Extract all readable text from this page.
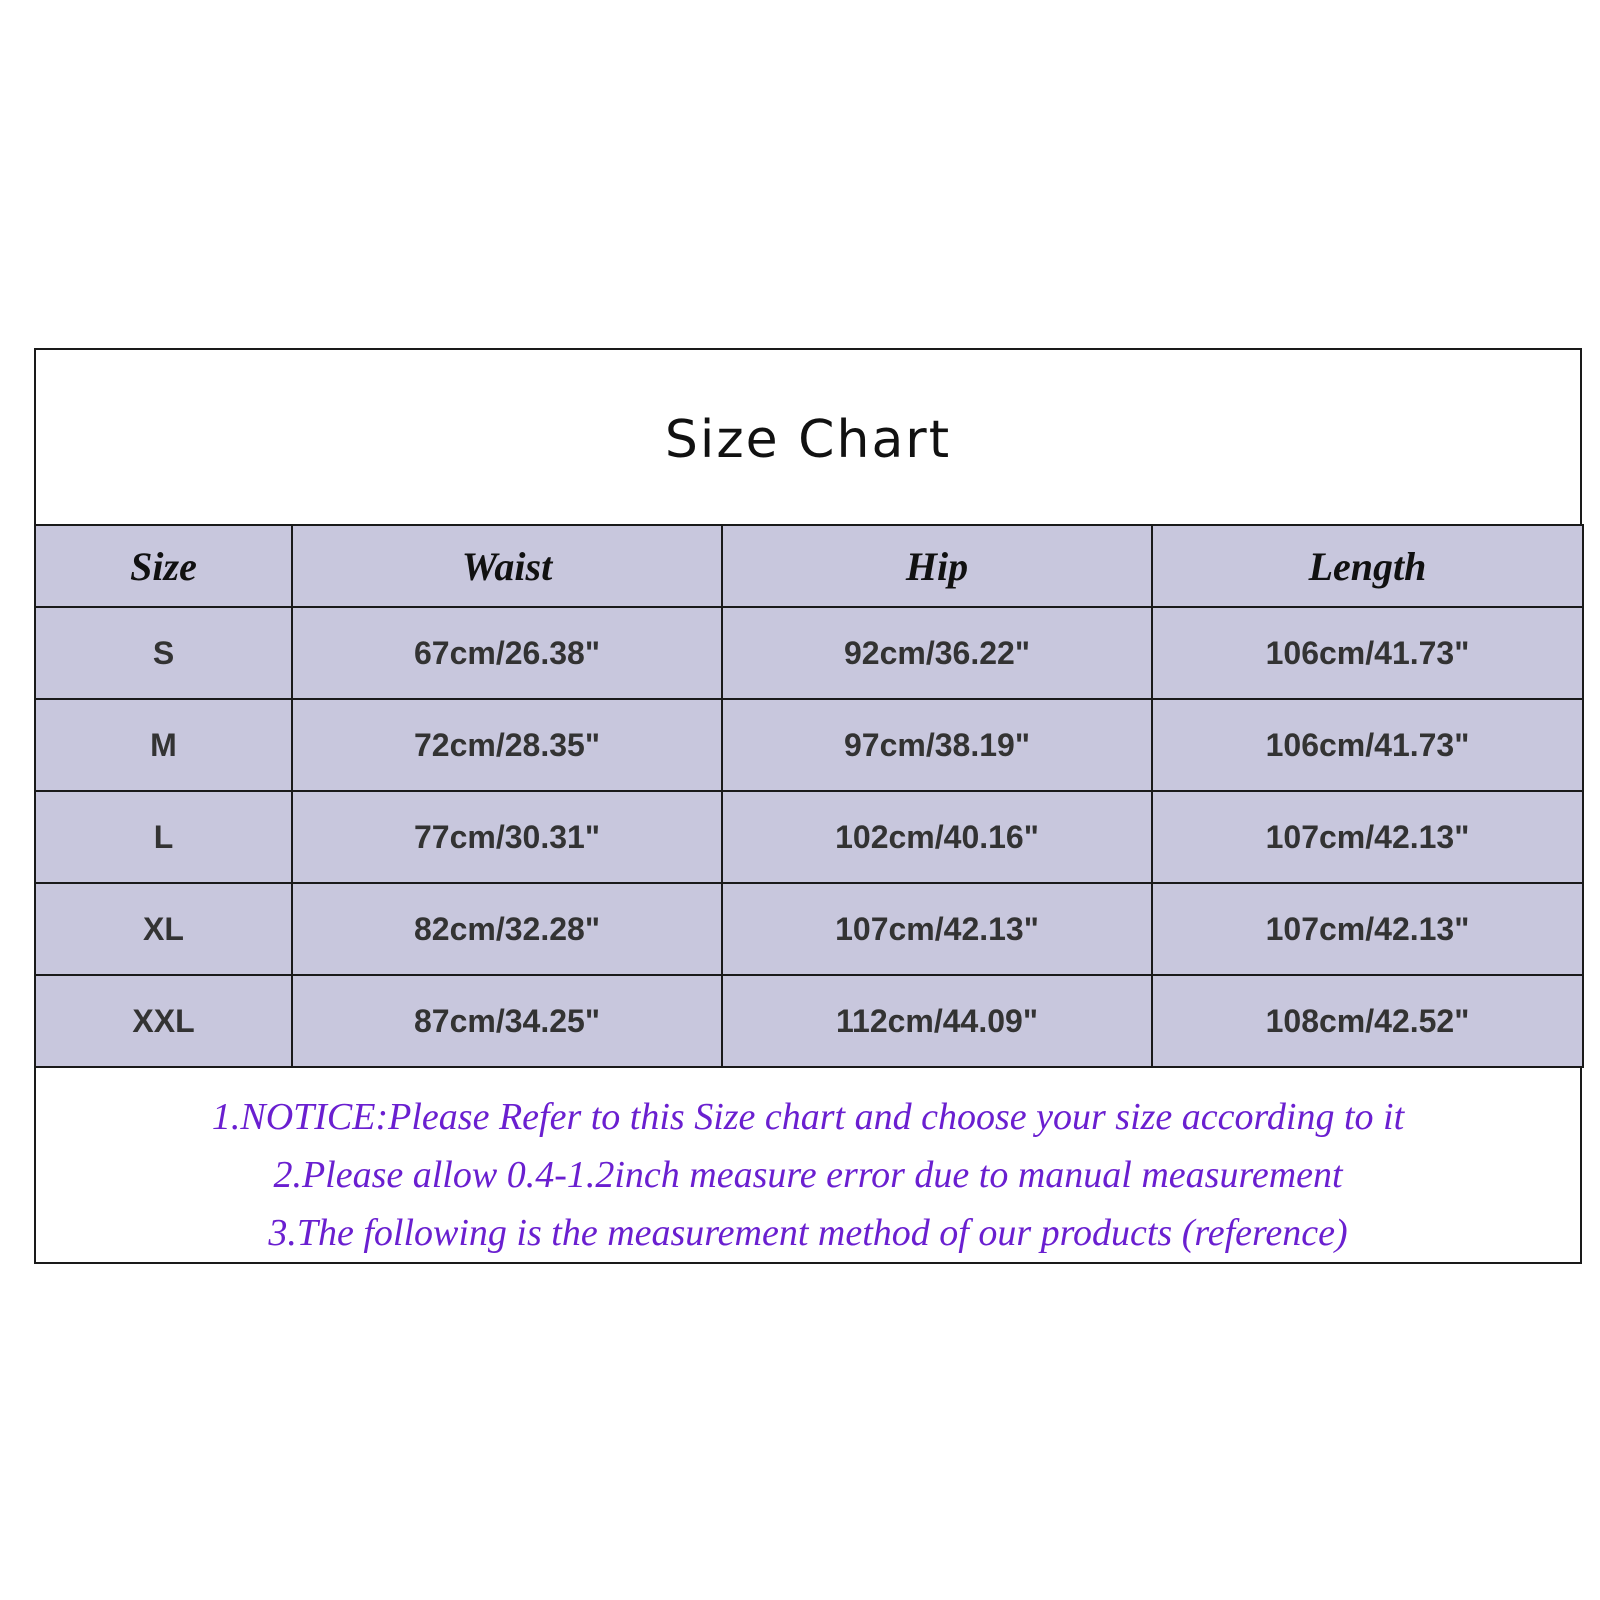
Size Chart
Size	Waist	Hip	Length
S	67cm/26.38"	92cm/36.22"	106cm/41.73"
M	72cm/28.35"	97cm/38.19"	106cm/41.73"
L	77cm/30.31"	102cm/40.16"	107cm/42.13"
XL	82cm/32.28"	107cm/42.13"	107cm/42.13"
XXL	87cm/34.25"	112cm/44.09"	108cm/42.52"
1.NOTICE:Please Refer to this Size chart and choose your size according to it
2.Please allow 0.4-1.2inch measure error due to manual measurement
3.The following is the measurement method of our products (reference)
